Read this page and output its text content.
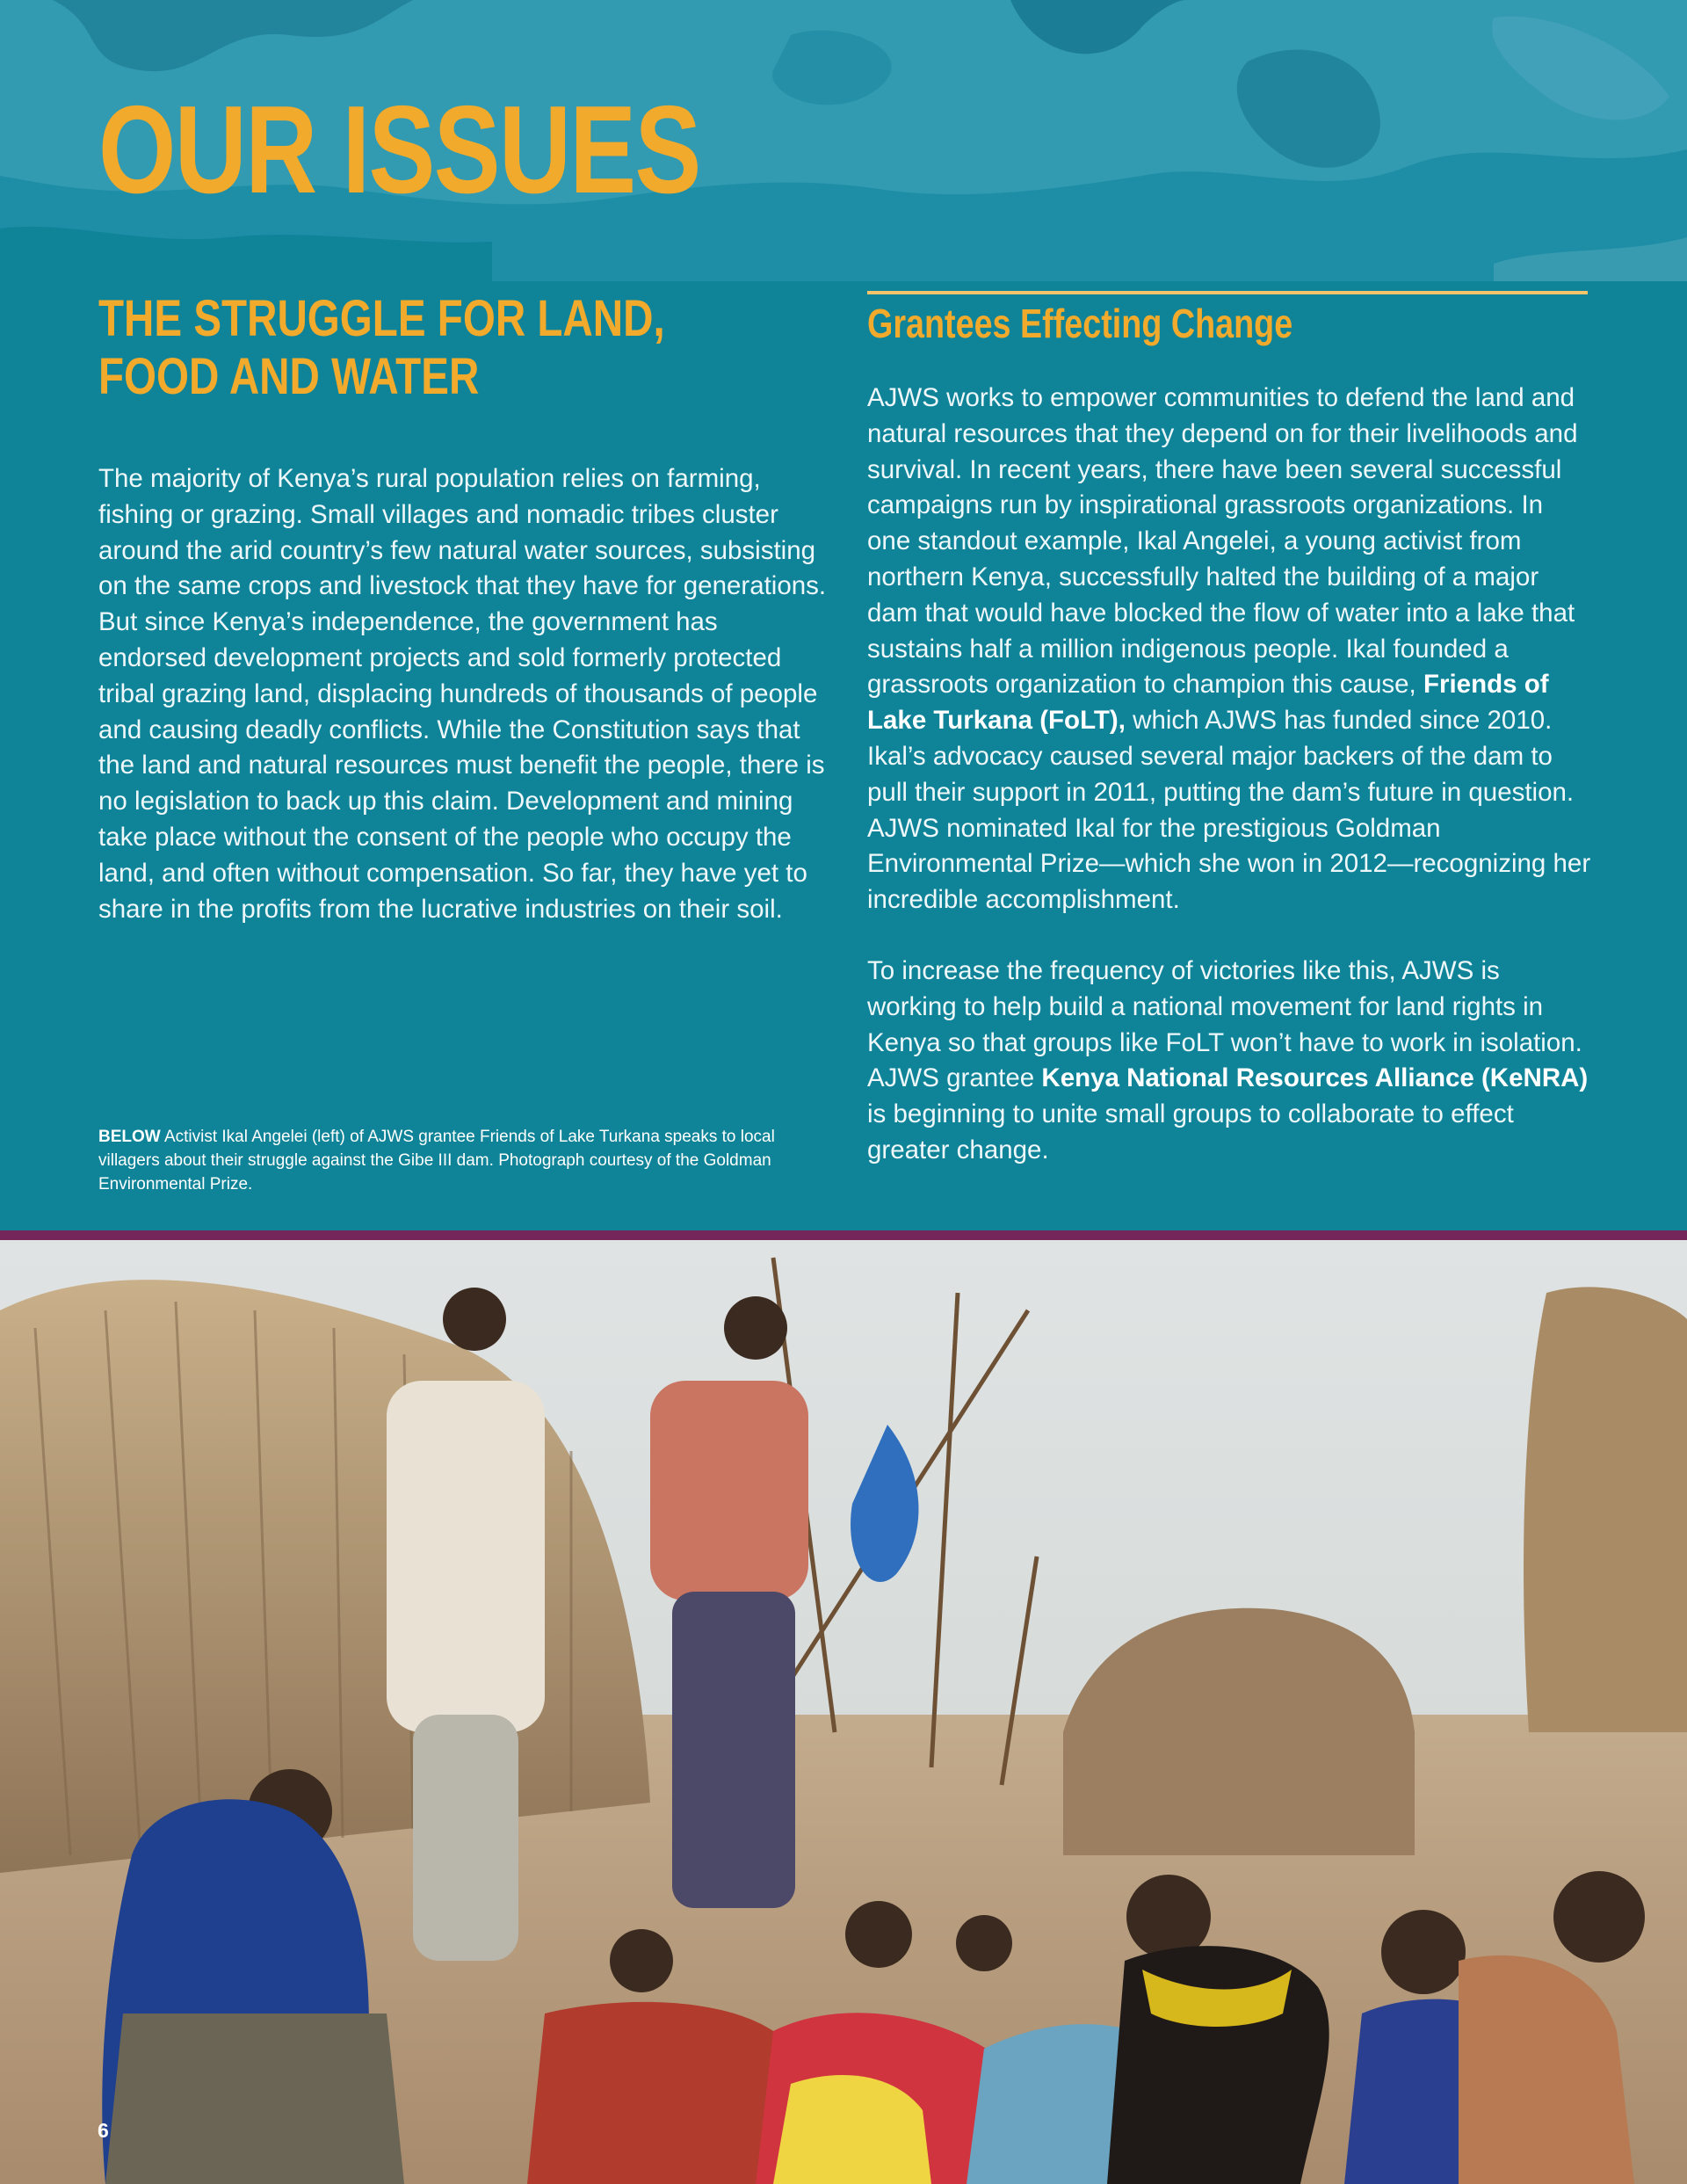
OUR ISSUES
THE STRUGGLE FOR LAND,
FOOD AND WATER

The majority of Kenya’s rural population relies on farming, fishing or grazing. Small villages and nomadic tribes cluster around the arid country’s few natural water sources, subsisting on the same crops and livestock that they have for generations. But since Kenya’s independence, the government has endorsed development projects and sold formerly protected tribal grazing land, displacing hundreds of thousands of people and causing deadly conflicts. While the Constitution says that the land and natural resources must benefit the people, there is no legislation to back up this claim. Development and mining take place without the consent of the people who occupy the land, and often without compensation. So far, they have yet to share in the profits from the lucrative industries on their soil.

BELOW Activist Ikal Angelei (left) of AJWS grantee Friends of Lake Turkana speaks to local villagers about their struggle against the Gibe III dam. Photograph courtesy of the Goldman Environmental Prize.

Grantees Effecting Change

AJWS works to empower communities to defend the land and natural resources that they depend on for their livelihoods and survival. In recent years, there have been several successful campaigns run by inspirational grassroots organizations. In one standout example, Ikal Angelei, a young activist from northern Kenya, successfully halted the building of a major dam that would have blocked the flow of water into a lake that sustains half a million indigenous people. Ikal founded a grassroots organization to champion this cause, Friends of Lake Turkana (FoLT), which AJWS has funded since 2010. Ikal’s advocacy caused several major backers of the dam to pull their support in 2011, putting the dam’s future in question. AJWS nominated Ikal for the prestigious Goldman Environmental Prize—which she won in 2012—recognizing her incredible accomplishment.

To increase the frequency of victories like this, AJWS is working to help build a national movement for land rights in Kenya so that groups like FoLT won’t have to work in isolation. AJWS grantee Kenya National Resources Alliance (KeNRA) is beginning to unite small groups to collaborate to effect greater change.

6
